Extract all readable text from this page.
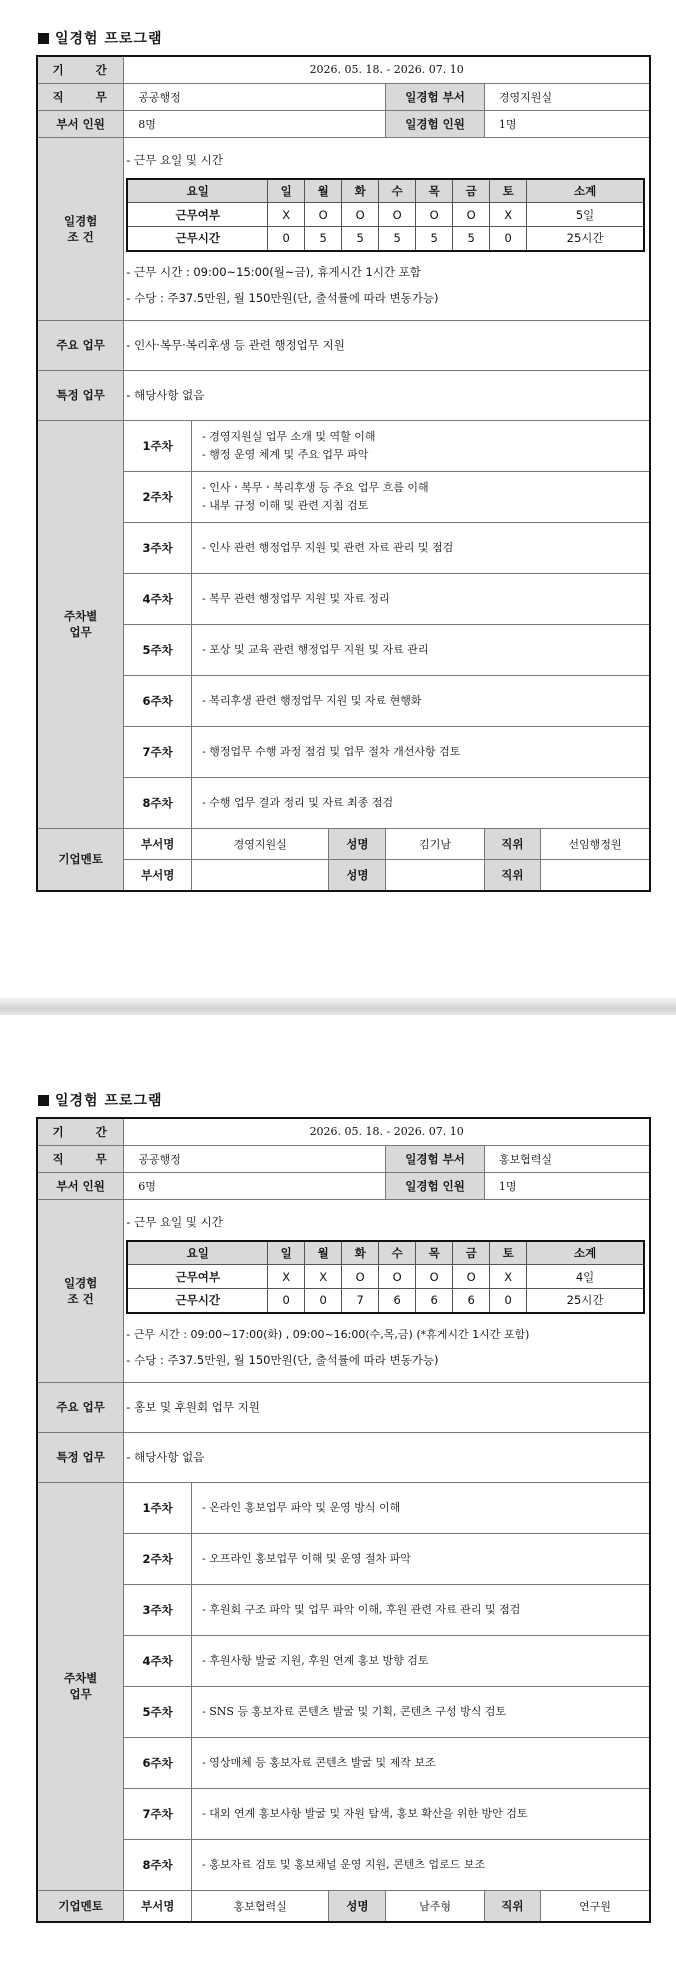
일경험 프로그램
기 간	2026. 05. 18. - 2026. 07. 10
직 무	공공행정	일경험 부서	경영지원실
부서 인원	8명	일경험 인원	1명
일경험
조 건	
- 근무 요일 및 시간
요일	일	월	화	수	목	금	토	소계
근무여부	X	O	O	O	O	O	X	5일
근무시간	0	5	5	5	5	5	0	25시간
- 근무 시간 : 09:00~15:00(월~금), 휴게시간 1시간 포함
- 수당 : 주37.5만원, 월 150만원(단, 출석률에 따라 변동가능)

주요 업무	- 인사·복무·복리후생 등 관련 행정업무 지원
특정 업무	- 해당사항 없음
주차별
업무	1주차	
- 경영지원실 업무 소개 및 역할 이해
- 행정 운영 체계 및 주요 업무 파악

2주차	
- 인사ㆍ복무ㆍ복리후생 등 주요 업무 흐름 이해
- 내부 규정 이해 및 관련 지침 검토

3주차	- 인사 관련 행정업무 지원 및 관련 자료 관리 및 점검
4주차	- 복무 관련 행정업무 지원 및 자료 정리
5주차	- 포상 및 교육 관련 행정업무 지원 및 자료 관리
6주차	- 복리후생 관련 행정업무 지원 및 자료 현행화
7주차	- 행정업무 수행 과정 점검 및 업무 절차 개선사항 검토
8주차	- 수행 업무 결과 정리 및 자료 최종 점검
기업멘토	부서명	경영지원실	성명	김기남	직위	선임행정원

부서명		성명		직위
일경험 프로그램
기 간	2026. 05. 18. - 2026. 07. 10
직 무	공공행정	일경험 부서	홍보협력실
부서 인원	6명	일경험 인원	1명
일경험
조 건	
- 근무 요일 및 시간
요일	일	월	화	수	목	금	토	소계
근무여부	X	X	O	O	O	O	X	4일
근무시간	0	0	7	6	6	6	0	25시간
- 근무 시간 : 09:00~17:00(화) , 09:00~16:00(수,목,금) (*휴게시간 1시간 포함)
- 수당 : 주37.5만원, 월 150만원(단, 출석률에 따라 변동가능)

주요 업무	- 홍보 및 후원회 업무 지원
특정 업무	- 해당사항 없음
주차별
업무	1주차	- 온라인 홍보업무 파악 및 운영 방식 이해
2주차	- 오프라인 홍보업무 이해 및 운영 절차 파악
3주차	- 후원회 구조 파악 및 업무 파악 이해, 후원 관련 자료 관리 및 점검
4주차	- 후원사항 발굴 지원, 후원 연계 홍보 방향 검토
5주차	- SNS 등 홍보자료 콘텐츠 발굴 및 기획, 콘텐츠 구성 방식 검토
6주차	- 영상매체 등 홍보자료 콘텐츠 발굴 및 제작 보조
7주차	- 대외 연계 홍보사항 발굴 및 자원 탐색, 홍보 확산을 위한 방안 검토
8주차	- 홍보자료 검토 및 홍보채널 운영 지원, 콘텐츠 업로드 보조
기업멘토	부서명	홍보협력실	성명	남주형	직위	연구원
